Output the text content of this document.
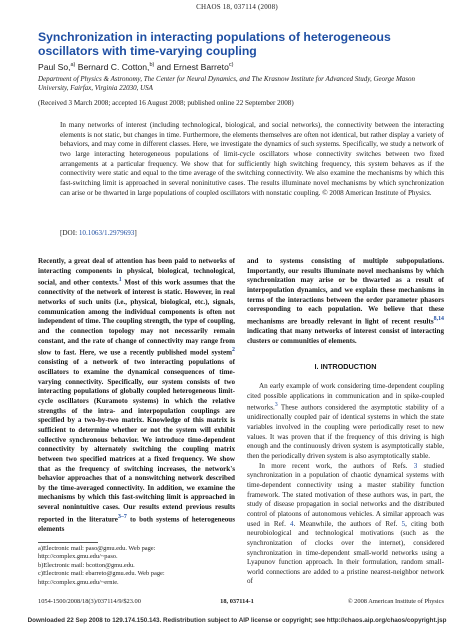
CHAOS 18, 037114 (2008)
Synchronization in interacting populations of heterogeneous oscillators with time-varying coupling
Paul So,$^{a)}$ Bernard C. Cotton,$^{b)}$ and Ernest Barreto$^{c)}$
Department of Physics & Astronomy, The Center for Neural Dynamics, and The Krasnow Institute for Advanced Study, George Mason University, Fairfax, Virginia 22030, USA
(Received 3 March 2008; accepted 16 August 2008; published online 22 September 2008)

In many networks of interest (including technological, biological, and social networks), the connectivity between the interacting elements is not static, but changes in time. Furthermore, the elements themselves are often not identical, but rather display a variety of behaviors, and may come in different classes. Here, we investigate the dynamics of such systems. Specifically, we study a network of two large interacting heterogeneous populations of limit-cycle oscillators whose connectivity switches between two fixed arrangements at a particular frequency. We show that for sufficiently high switching frequency, this system behaves as if the connectivity were static and equal to the time average of the switching connectivity. We also examine the mechanisms by which this fast-switching limit is approached in several noninitutive cases. The results illuminate novel mechanisms by which synchronization can arise or be thwarted in large populations of coupled oscillators with nonstatic coupling. © 2008 American Institute of Physics.

[DOI: 10.1063/1.2979693]

Recently, a great deal of attention has been paid to networks of interacting components in physical, biological, technological, social, and other contexts.$^1$ Most of this work assumes that the connectivity of the network of interest is static. However, in real networks of such units (i.e., physical, biological, etc.), signals, communication among the individual components is often not independent of time. The coupling strength, the type of coupling, and the connection topology may not necessarily remain constant, and the rate of change of connectivity may range from slow to fast. Here, we use a recently published model system$^2$ consisting of a network of two interacting populations of oscillators to examine the dynamical consequences of time-varying connectivity. Specifically, our system consists of two interacting populations of globally coupled heterogeneous limit-cycle oscillators (Kuramoto systems) in which the relative strengths of the intra- and interpopulation couplings are specified by a two-by-two matrix. Knowledge of this matrix is sufficient to determine whether or not the system will exhibit collective synchronous behavior. We introduce time-dependent connectivity by alternately switching the coupling matrix between two specified matrices at a fixed frequency. We show that as the frequency of switching increases, the network's behavior approaches that of a nonswitching network described by the time-averaged connectivity. In addition, we examine the mechanisms by which this fast-switching limit is approached in several nonintuitive cases. Our results extend previous results reported in the literature$^{3-7}$ to both systems of heterogeneous elements

and to systems consisting of multiple subpopulations. Importantly, our results illuminate novel mechanisms by which synchronization may arise or be thwarted as a result of interpopulation dynamics, and we explain these mechanisms in terms of the interactions between the order parameter phasors corresponding to each population. We believe that these mechanisms are broadly relevant in light of recent results$^{8,14}$ indicating that many networks of interest consist of interacting clusters or communities of elements.

I. INTRODUCTION

An early example of work considering time-dependent coupling cited possible applications in communication and in spike-coupled networks.$^3$ These authors considered the asymptotic stability of a unidirectionally coupled pair of identical systems in which the state variables involved in the coupling were periodically reset to new values. It was proven that if the frequency of this driving is high enough and the continuously driven system is asymptotically stable, then the periodically driven system is also asymptotically stable.

In more recent work, the authors of Refs. 3 studied synchronization in a population of chaotic dynamical systems with time-dependent connectivity using a master stability function framework. The stated motivation of these authors was, in part, the study of disease propagation in social networks and the distributed control of platoons of autonomous vehicles. A similar approach was used in Ref. 4. Meanwhile, the authors of Ref. 5, citing both neurobiological and technological motivations (such as the synchronization of clocks over the internet), considered synchronization in time-dependent small-world networks using a Lyapunov function approach. In their formulation, random small-world connections are added to a pristine nearest-neighbor network of

a)Electronic mail: paso@gmu.edu. Web page: http://complex.gmu.edu/~paso.

b)Electronic mail: bcotton@gmu.edu.

c)Electronic mail: ebarreto@gmu.edu. Web page: http://complex.gmu.edu/~ernie.

1054-1500/2008/18(3)/037114/9/$23.00	18, 037114-1	© 2008 American Institute of Physics
Downloaded 22 Sep 2008 to 129.174.150.143. Redistribution subject to AIP license or copyright; see http://chaos.aip.org/chaos/copyright.jsp
